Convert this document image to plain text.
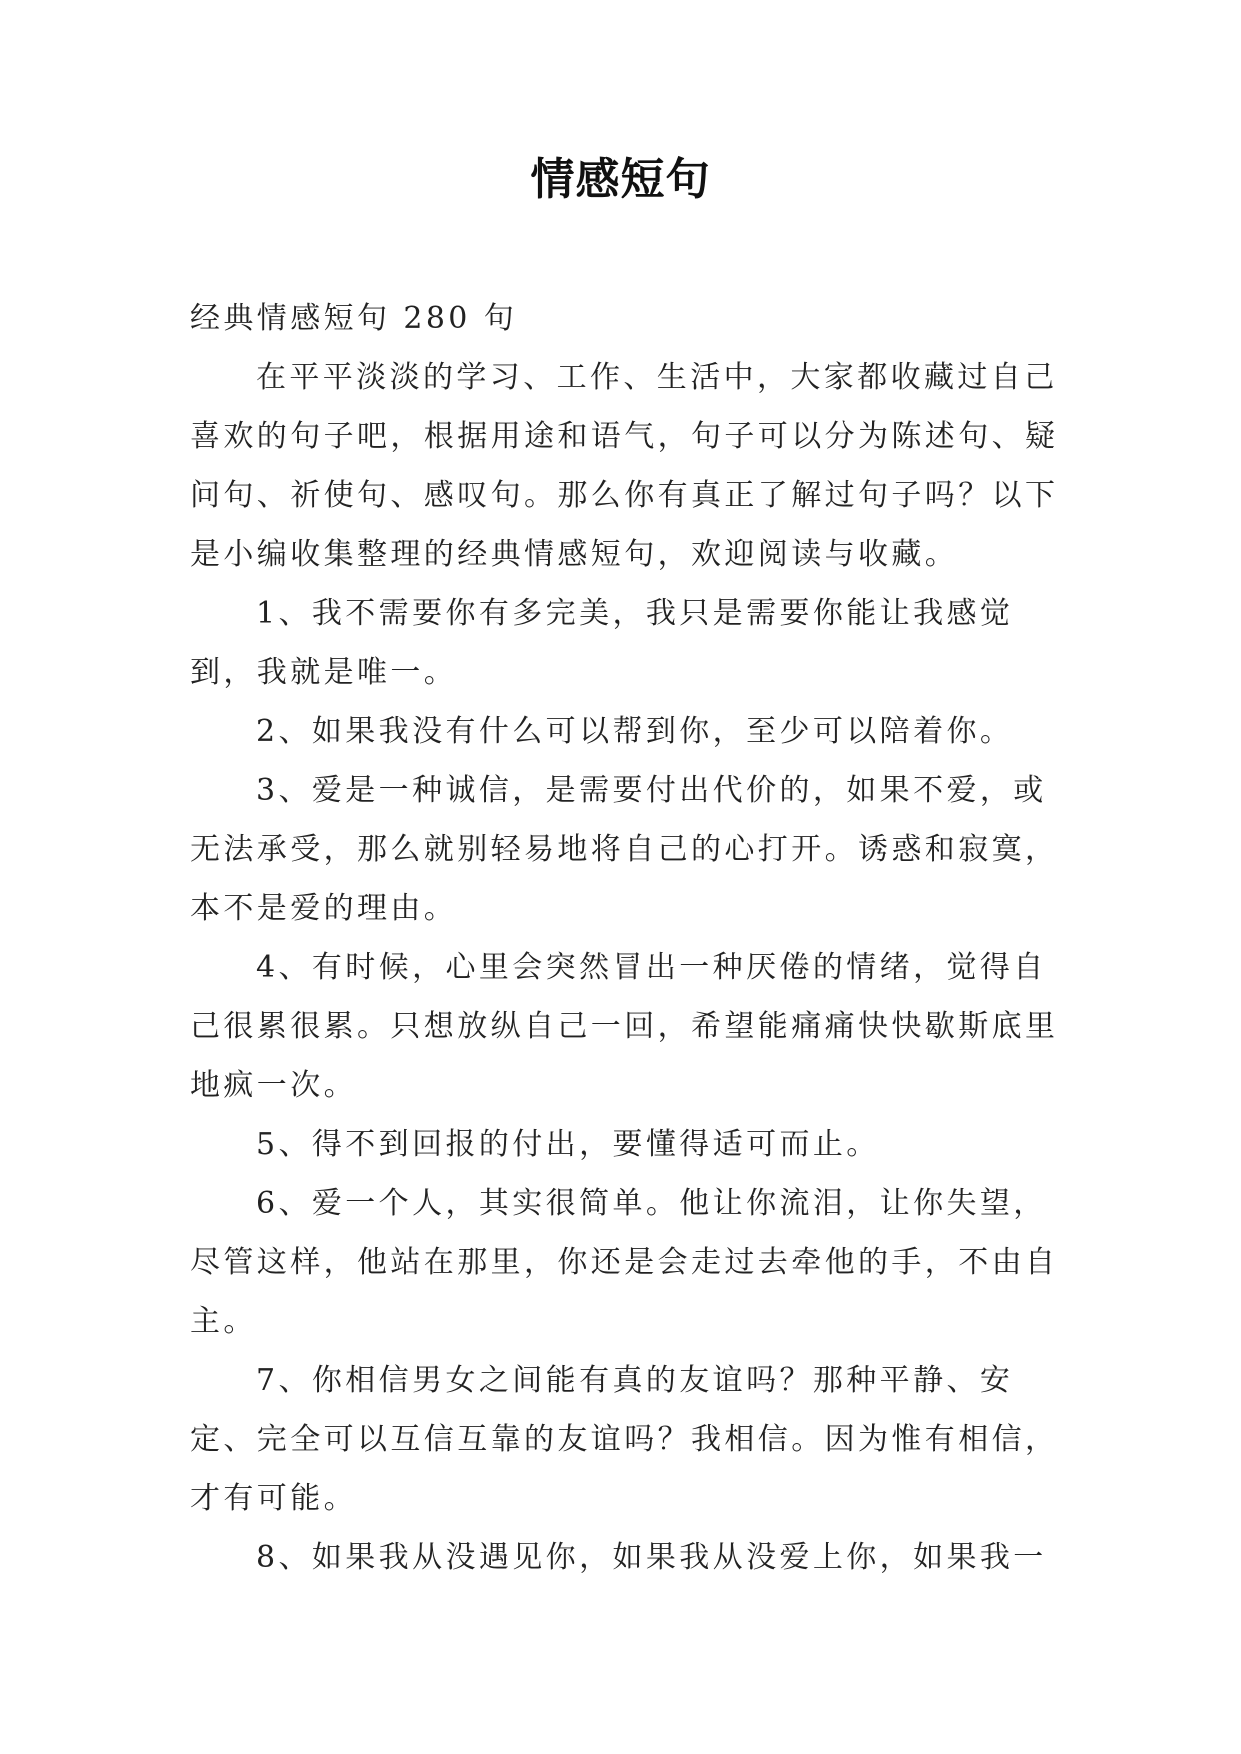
情感短句

经典情感短句 280 句

在平平淡淡的学习、工作、生活中，大家都收藏过自己喜欢的句子吧，根据用途和语气，句子可以分为陈述句、疑问句、祈使句、感叹句。那么你有真正了解过句子吗？以下是小编收集整理的经典情感短句，欢迎阅读与收藏。

1、我不需要你有多完美，我只是需要你能让我感觉到，我就是唯一。

2、如果我没有什么可以帮到你，至少可以陪着你。

3、爱是一种诚信，是需要付出代价的，如果不爱，或无法承受，那么就别轻易地将自己的心打开。诱惑和寂寞，本不是爱的理由。

4、有时候，心里会突然冒出一种厌倦的情绪，觉得自己很累很累。只想放纵自己一回，希望能痛痛快快歇斯底里地疯一次。

5、得不到回报的付出，要懂得适可而止。

6、爱一个人，其实很简单。他让你流泪，让你失望，尽管这样，他站在那里，你还是会走过去牵他的手，不由自主。

7、你相信男女之间能有真的友谊吗？那种平静、安定、完全可以互信互靠的友谊吗？我相信。因为惟有相信，才有可能。

8、如果我从没遇见你，如果我从没爱上你，如果我一
